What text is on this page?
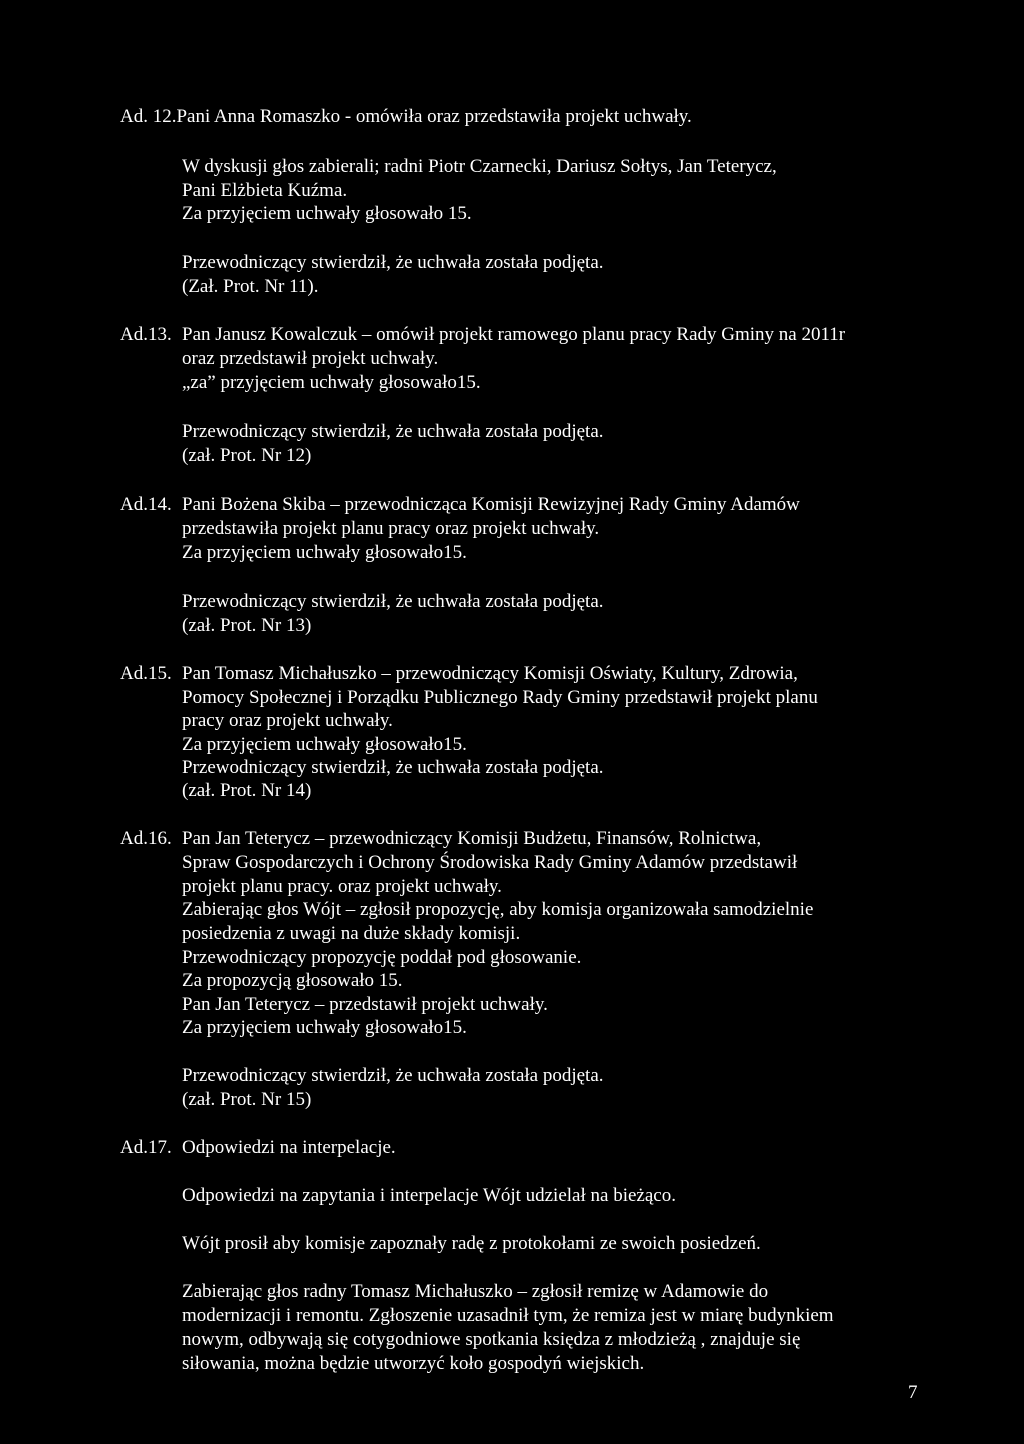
Ad. 12.Pani Anna Romaszko - omówiła oraz przedstawiła projekt uchwały.
W dyskusji głos zabierali; radni Piotr Czarnecki, Dariusz Sołtys, Jan Teterycz,
Pani Elżbieta Kuźma.
Za przyjęciem uchwały głosowało 15.
Przewodniczący stwierdził, że uchwała została podjęta.
(Zał. Prot. Nr 11).
Ad.13. Pan Janusz Kowalczuk – omówił projekt ramowego planu pracy Rady Gminy na 2011r
oraz przedstawił projekt uchwały.
„za” przyjęciem uchwały głosowało15.
Przewodniczący stwierdził, że uchwała została podjęta.
(zał. Prot. Nr 12)
Ad.14. Pani Bożena Skiba – przewodnicząca Komisji Rewizyjnej Rady Gminy Adamów
przedstawiła projekt planu pracy oraz projekt uchwały.
Za przyjęciem uchwały głosowało15.
Przewodniczący stwierdził, że uchwała została podjęta.
(zał. Prot. Nr 13)
Ad.15. Pan Tomasz Michałuszko – przewodniczący Komisji Oświaty, Kultury, Zdrowia,
Pomocy Społecznej i Porządku Publicznego Rady Gminy przedstawił projekt planu
pracy oraz projekt uchwały.
Za przyjęciem uchwały głosowało15.
Przewodniczący stwierdził, że uchwała została podjęta.
(zał. Prot. Nr 14)
Ad.16. Pan Jan Teterycz – przewodniczący Komisji Budżetu, Finansów, Rolnictwa,
Spraw Gospodarczych i Ochrony Środowiska Rady Gminy Adamów przedstawił
projekt planu pracy. oraz projekt uchwały.
Zabierając głos Wójt – zgłosił propozycję, aby komisja organizowała samodzielnie
posiedzenia z uwagi na duże składy komisji.
Przewodniczący propozycję poddał pod głosowanie.
Za propozycją głosowało 15.
Pan Jan Teterycz – przedstawił projekt uchwały.
Za przyjęciem uchwały głosowało15.
Przewodniczący stwierdził, że uchwała została podjęta.
(zał. Prot. Nr 15)
Ad.17. Odpowiedzi na interpelacje.
Odpowiedzi na zapytania i interpelacje Wójt udzielał na bieżąco.
Wójt prosił aby komisje zapoznały radę z protokołami ze swoich posiedzeń.
Zabierając głos radny Tomasz Michałuszko – zgłosił remizę w Adamowie do
modernizacji i remontu. Zgłoszenie uzasadnił tym, że remiza jest w miarę budynkiem
nowym, odbywają się cotygodniowe spotkania księdza z młodzieżą , znajduje się
siłowania, można będzie utworzyć koło gospodyń wiejskich.
7
